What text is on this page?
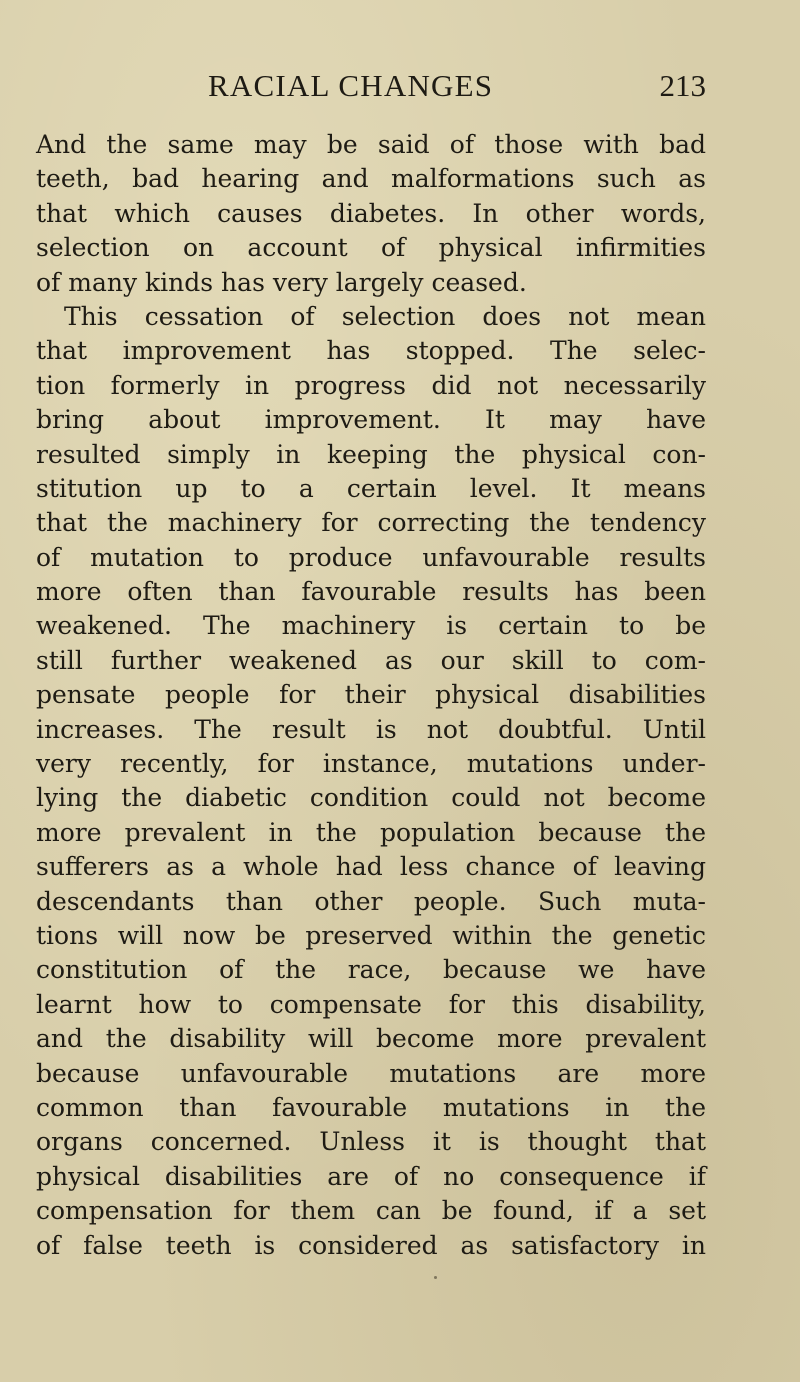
RACIAL CHANGES	213
And the same may be said of those with bad
teeth, bad hearing and malformations such as
that which causes diabetes. In other words,
selection on account of physical infirmities
of many kinds has very largely ceased.
This cessation of selection does not mean
that improvement has stopped. The selec-
tion formerly in progress did not necessarily
bring about improvement. It may have
resulted simply in keeping the physical con-
stitution up to a certain level. It means
that the machinery for correcting the tendency
of mutation to produce unfavourable results
more often than favourable results has been
weakened. The machinery is certain to be
still further weakened as our skill to com-
pensate people for their physical disabilities
increases. The result is not doubtful. Until
very recently, for instance, mutations under-
lying the diabetic condition could not become
more prevalent in the population because the
sufferers as a whole had less chance of leaving
descendants than other people. Such muta-
tions will now be preserved within the genetic
constitution of the race, because we have
learnt how to compensate for this disability,
and the disability will become more prevalent
because unfavourable mutations are more
common than favourable mutations in the
organs concerned. Unless it is thought that
physical disabilities are of no consequence if
compensation for them can be found, if a set
of false teeth is considered as satisfactory in
